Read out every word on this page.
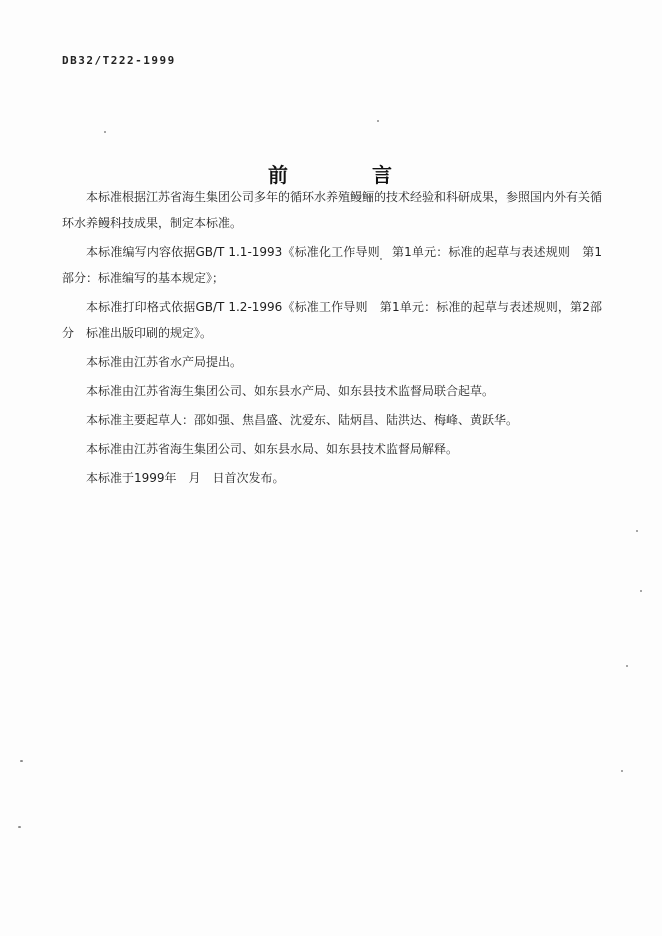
DB32/T222-1999
前	言

本标准根据江苏省海生集团公司多年的循环水养殖鳗鲡的技术经验和科研成果，参照国内外有关循环水养鳗科技成果，制定本标准。

本标准编写内容依据GB/T 1.1-1993《标准化工作导则　第1单元：标准的起草与表述规则　第1部分：标准编写的基本规定》；

本标准打印格式依据GB/T 1.2-1996《标准工作导则　第1单元：标准的起草与表述规则，第2部分　标准出版印刷的规定》。

本标准由江苏省水产局提出。

本标准由江苏省海生集团公司、如东县水产局、如东县技术监督局联合起草。

本标准主要起草人：邵如强、焦昌盛、沈爱东、陆炳昌、陆洪达、梅峰、黄跃华。

本标准由江苏省海生集团公司、如东县水局、如东县技术监督局解释。

本标准于1999年　月　日首次发布。
